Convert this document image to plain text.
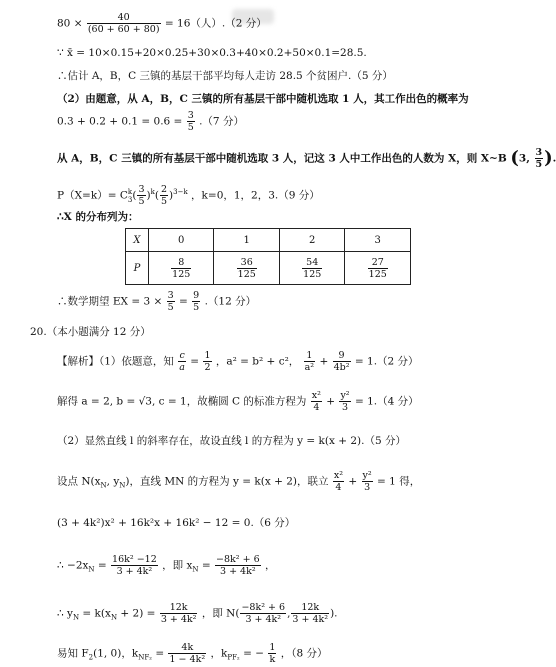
$80 \times \frac{40}{(60 + 60 + 80)} = 16$（人）.（2 分）
∵ x̄ = 10×0.15+20×0.25+30×0.3+40×0.2+50×0.1=28.5.
∴估计 A，B，C 三镇的基层干部平均每人走访 28.5 个贫困户.（5 分）
（2）由题意，从 A，B，C 三镇的所有基层干部中随机选取 1 人，其工作出色的概率为
$0.3 + 0.2 + 0.1 = 0.6 = \frac{3}{5} .(7$ 分）
从 A，B，C 三镇的所有基层干部中随机选取 3 人，记这 3 人中工作出色的人数为 X，则 X~B (3, $\frac{3}{5}$ ).
P（X=k）= C k
3 ( $\frac{3}{5} )^k( \frac{2}{5} )^{3-k}$ ，k=0，1，2，3.（9 分）
∴X 的分布列为：
X	0	1	2	3
P	$\frac{8}{125}$	$\frac{36}{125}$	$\frac{54}{125}$	$\frac{27}{125}$
∴数学期望 EX = $3 \times \frac{3}{5} = \frac{9}{5} .(12$ 分）
20.（本小题满分 12 分）
【解析】（1）依题意，知 $\frac{c}{a} = \frac{1}{2}$ ，a² = b² + c²， $\frac{1}{\text{a²}} + \frac{9}{\text{4b²}} = 1.(2$ 分）
解得 a = 2, b = √3, c = 1，故椭圆 C 的标准方程为 $\frac{\text{x²}}{4} + \frac{\text{y²}}{3} = 1.(4$ 分）
（2）显然直线 l 的斜率存在，故设直线 l 的方程为 y = k(x + 2).（5 分）
设点 $N(x_N$, $y_N$)，直线 MN 的方程为 y = k(x + 2)，联立 $\frac{\text{x²}}{4} + \frac{\text{y²}}{3} = 1$ 得，
(3 + 4k²)x² + 16k²x + 16k² − 12 = 0.（6 分）
∴ $-2x_N = \frac{\text{16k² −12}}{\text{3 + 4k²}}$ ，即 $x_N = \frac{\text{−8k² + 6}}{\text{3 + 4k²}}$ ，
∴ $y_N = k(x_N + 2) = \frac{12k}{\text{3 + 4k²}}$ ，即 $N( \frac{\text{−8k² + 6}}{\text{3 + 4k²}}$ , $\frac{12k}{\text{3 + 4k²}}$ ).
易知 $F_2(1$, 0)，$k_{NF_2} = \frac{4k}{\text{1 − 4k²}}$ ，$k_{PF_2}$ = − $\frac{1}{k}$ ，（8 分）
